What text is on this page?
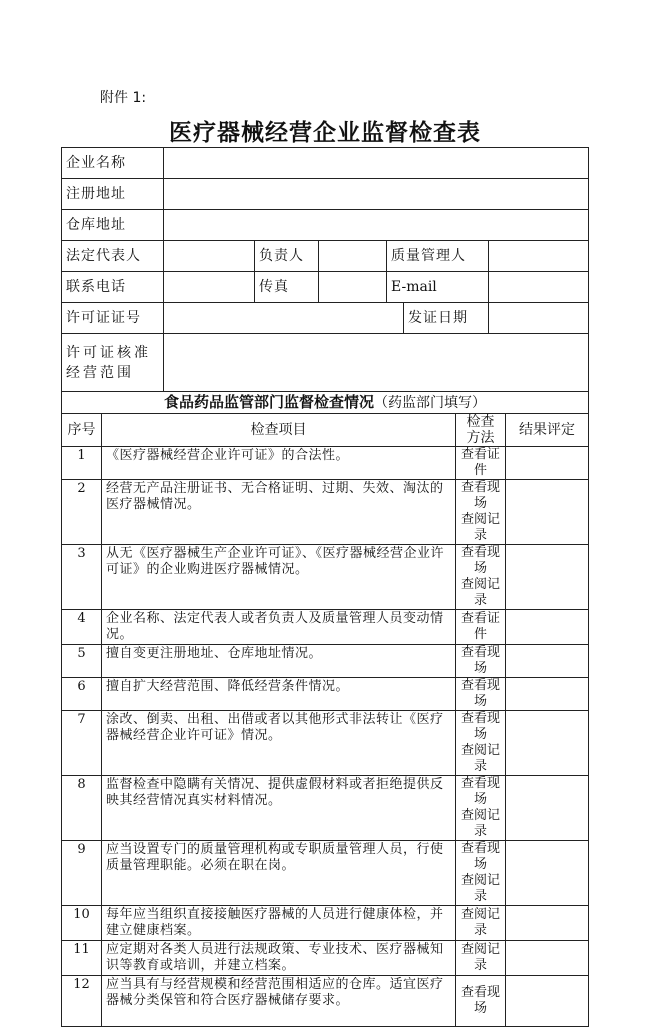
附件 1:
医疗器械经营企业监督检查表
企业名称									
注册地址									
仓库地址									
法定代表人			负责人		质量管理人				
联系电话			传真		E-mail				
许可证证号						发证日期			
许可证核准经营范围									
食品药品监管部门监督检查情况（药监部门填写）									
序号	检查项目						检查方法		结果评定
1	《医疗器械经营企业许可证》的合法性。						查看证件		
2	经营无产品注册证书、无合格证明、过期、失效、淘汰的医疗器械情况。						查看现场
查阅记录		
3	从无《医疗器械生产企业许可证》、《医疗器械经营企业许可证》的企业购进医疗器械情况。						查看现场
查阅记录		
4	企业名称、法定代表人或者负责人及质量管理人员变动情况。						查看证件		
5	擅自变更注册地址、仓库地址情况。						查看现场		
6	擅自扩大经营范围、降低经营条件情况。						查看现场		
7	涂改、倒卖、出租、出借或者以其他形式非法转让《医疗器械经营企业许可证》情况。						查看现场
查阅记录		
8	监督检查中隐瞒有关情况、提供虚假材料或者拒绝提供反映其经营情况真实材料情况。						查看现场
查阅记录		
9	应当设置专门的质量管理机构或专职质量管理人员，行使质量管理职能。必须在职在岗。						查看现场
查阅记录		
10	每年应当组织直接接触医疗器械的人员进行健康体检，并建立健康档案。						查阅记录		
11	应定期对各类人员进行法规政策、专业技术、医疗器械知识等教育或培训，并建立档案。						查阅记录		
12	应当具有与经营规模和经营范围相适应的仓库。适宜医疗器械分类保管和符合医疗器械储存要求。						查看现场		
